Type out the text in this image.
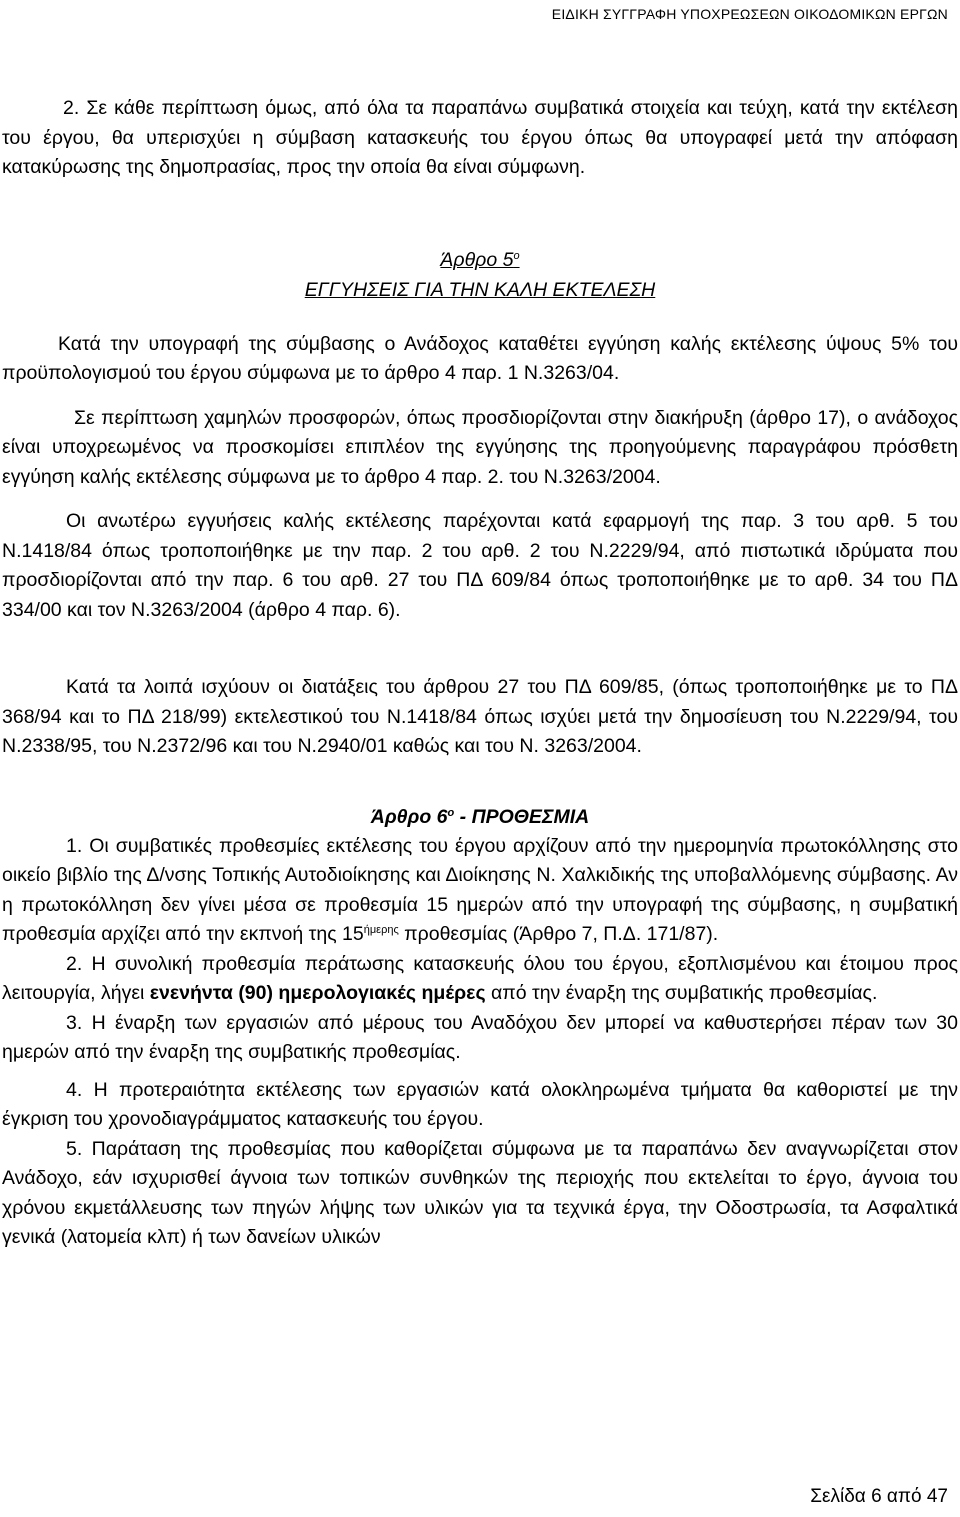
ΕΙΔΙΚΗ ΣΥΓΓΡΑΦΗ ΥΠΟΧΡΕΩΣΕΩΝ ΟΙΚΟΔΟΜΙΚΩΝ ΕΡΓΩΝ

2. Σε κάθε περίπτωση όμως, από όλα τα παραπάνω συμβατικά στοιχεία και τεύχη, κατά την εκτέλεση του έργου, θα υπερισχύει η σύμβαση κατασκευής του έργου όπως θα υπογραφεί μετά την απόφαση κατακύρωσης της δημοπρασίας, προς την οποία θα είναι σύμφωνη.

Άρθρο $5^o$
ΕΓΓΥΗΣΕΙΣ ΓΙΑ ΤΗΝ ΚΑΛΗ ΕΚΤΕΛΕΣΗ

Κατά την υπογραφή της σύμβασης ο Ανάδοχος καταθέτει εγγύηση καλής εκτέλεσης ύψους 5% του προϋπολογισμού του έργου σύμφωνα με το άρθρο 4 παρ. 1 Ν.3263/04.

Σε περίπτωση χαμηλών προσφορών, όπως προσδιορίζονται στην διακήρυξη (άρθρο 17), ο ανάδοχος είναι υποχρεωμένος να προσκομίσει επιπλέον της εγγύησης της προηγούμενης παραγράφου πρόσθετη εγγύηση καλής εκτέλεσης σύμφωνα με το άρθρο 4 παρ. 2. του Ν.3263/2004.

Οι ανωτέρω εγγυήσεις καλής εκτέλεσης παρέχονται κατά εφαρμογή της παρ. 3 του αρθ. 5 του Ν.1418/84 όπως τροποποιήθηκε με την παρ. 2 του αρθ. 2 του Ν.2229/94, από πιστωτικά ιδρύματα που προσδιορίζονται από την παρ. 6 του αρθ. 27 του ΠΔ 609/84 όπως τροποποιήθηκε με το αρθ. 34 του ΠΔ 334/00 και τον Ν.3263/2004 (άρθρο 4 παρ. 6).

Κατά τα λοιπά ισχύουν οι διατάξεις του άρθρου 27 του ΠΔ 609/85, (όπως τροποποιήθηκε με το ΠΔ 368/94 και το ΠΔ 218/99) εκτελεστικού του Ν.1418/84 όπως ισχύει μετά την δημοσίευση του Ν.2229/94, του Ν.2338/95, του Ν.2372/96 και του Ν.2940/01 καθώς και του Ν. 3263/2004.

Άρθρο $6^o$ - ΠΡΟΘΕΣΜΙΑ

1. Οι συμβατικές προθεσμίες εκτέλεσης του έργου αρχίζουν από την ημερομηνία πρωτοκόλλησης στο οικείο βιβλίο της Δ/νσης Τοπικής Αυτοδιοίκησης και Διοίκησης Ν. Χαλκιδικής της υποβαλλόμενης σύμβασης. Αν η πρωτοκόλληση δεν γίνει μέσα σε προθεσμία 15 ημερών από την υπογραφή της σύμβασης, η συμβατική προθεσμία αρχίζει από την εκπνοή της $15^{ή\mu\varepsilon\rho\eta\varsigma}$ προθεσμίας (Άρθρο 7, Π.Δ. 171/87).

2. Η συνολική προθεσμία περάτωσης κατασκευής όλου του έργου, εξοπλισμένου και έτοιμου προς λειτουργία, λήγει ενενήντα (90) ημερολογιακές ημέρες από την έναρξη της συμβατικής προθεσμίας.

3. Η έναρξη των εργασιών από μέρους του Αναδόχου δεν μπορεί να καθυστερήσει πέραν των 30 ημερών από την έναρξη της συμβατικής προθεσμίας.

4. Η προτεραιότητα εκτέλεσης των εργασιών κατά ολοκληρωμένα τμήματα θα καθοριστεί με την έγκριση του χρονοδιαγράμματος κατασκευής του έργου.

5. Παράταση της προθεσμίας που καθορίζεται σύμφωνα με τα παραπάνω δεν αναγνωρίζεται στον Ανάδοχο, εάν ισχυρισθεί άγνοια των τοπικών συνθηκών της περιοχής που εκτελείται το έργο, άγνοια του χρόνου εκμετάλλευσης των πηγών λήψης των υλικών για τα τεχνικά έργα, την Οδοστρωσία, τα Ασφαλτικά γενικά (λατομεία κλπ) ή των δανείων υλικών

Σελίδα 6 από 47
